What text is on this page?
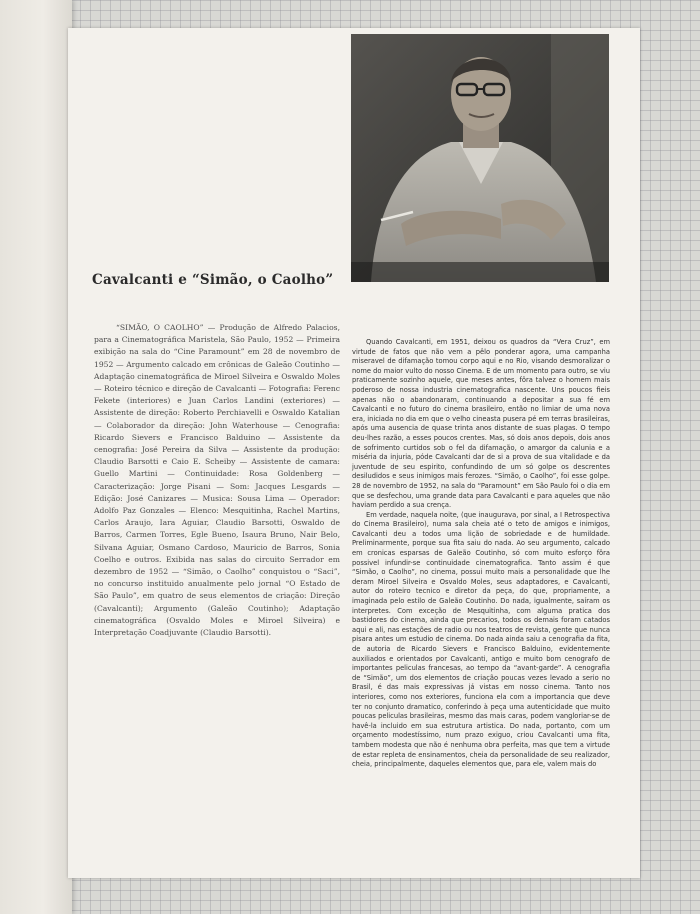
Cavalcanti e “Simão, o Caolho”
“SIMÃO, O CAOLHO” — Produção de Alfredo Palacios, para a Cinematográfica Maristela, São Paulo, 1952 — Primeira exibição na sala do “Cine Paramount” em 28 de novembro de 1952 — Argumento calcado em crônicas de Galeão Coutinho — Adaptação cinematográfica de Miroel Silveira e Oswaldo Moles — Roteiro técnico e direção de Cavalcanti — Fotografia: Ferenc Fekete (interiores) e Juan Carlos Landini (exteriores) — Assistente de direção: Roberto Perchiavelli e Oswaldo Katalian — Colaborador da direção: John Waterhouse — Cenografia: Ricardo Sievers e Francisco Balduino — Assistente da cenografia: José Pereira da Silva — Assistente da produção: Claudio Barsotti e Caio E. Scheiby — Assistente de camara: Guello Martini — Continuidade: Rosa Goldenberg — Caracterização: Jorge Pisani — Som: Jacques Lesgards — Edição: José Canizares — Musica: Sousa Lima — Operador: Adolfo Paz Gonzales — Elenco: Mesquitinha, Rachel Martins, Carlos Araujo, Iara Aguiar, Claudio Barsotti, Oswaldo de Barros, Carmen Torres, Egle Bueno, Isaura Bruno, Nair Belo, Silvana Aguiar, Osmano Cardoso, Mauricio de Barros, Sonia Coelho e outros. Exibida nas salas do circuito Serrador em dezembro de 1952 — “Simão, o Caolho” conquistou o “Saci”, no concurso instituido anualmente pelo jornal “O Estado de São Paulo”, em quatro de seus elementos de criação: Direção (Cavalcanti); Argumento (Galeão Coutinho); Adaptação cinematográfica (Osvaldo Moles e Miroel Silveira) e Interpretação Coadjuvante (Claudio Barsotti).

Quando Cavalcanti, em 1951, deixou os quadros da “Vera Cruz”, em virtude de fatos que não vem a pêlo ponderar agora, uma campanha miseravel de difamação tomou corpo aqui e no Rio, visando desmoralizar o nome do maior vulto do nosso Cinema. E de um momento para outro, se viu praticamente sozinho aquele, que meses antes, fôra talvez o homem mais poderoso de nossa industria cinematografica nascente. Uns poucos fieis apenas não o abandonaram, continuando a depositar a sua fé em Cavalcanti e no futuro do cinema brasileiro, então no limiar de uma nova era, iniciada no dia em que o velho cineasta pusera pé em terras brasileiras, após uma ausencia de quase trinta anos distante de suas plagas. O tempo deu-lhes razão, a esses poucos crentes. Mas, só dois anos depois, dois anos de sofrimento curtidos sob o fel da difamação, o amargor da calunia e a miséria da injuria, póde Cavalcanti dar de si a prova de sua vitalidade e da juventude de seu espirito, confundindo de um só golpe os descrentes desiludidos e seus inimigos mais ferozes. “Simão, o Caolho”, foi esse golpe. 28 de novembro de 1952, na sala do “Paramount” em São Paulo foi o dia em que se desfechou, uma grande data para Cavalcanti e para aqueles que não haviam perdido a sua crença.

Em verdade, naquela noite, (que inaugurava, por sinal, a I Retrospectiva do Cinema Brasileiro), numa sala cheia até o teto de amigos e inimigos, Cavalcanti deu a todos uma lição de sobriedade e de humildade. Preliminarmente, porque sua fita saiu do nada. Ao seu argumento, calcado em cronicas esparsas de Galeão Coutinho, só com muito esforço fôra possivel infundir-se continuidade cinematografica. Tanto assim é que “Simão, o Caolho”, no cinema, possui muito mais a personalidade que lhe deram Miroel Silveira e Osvaldo Moles, seus adaptadores, e Cavalcanti, autor do roteiro tecnico e diretor da peça, do que, propriamente, a imaginada pelo estilo de Galeão Coutinho. Do nada, igualmente, saíram os interpretes. Com exceção de Mesquitinha, com alguma pratica dos bastidores do cinema, ainda que precarios, todos os demais foram catados aqui e ali, nas estações de radio ou nos teatros de revista, gente que nunca pisara antes um estudio de cinema. Do nada ainda saiu a cenografia da fita, de autoria de Ricardo Sievers e Francisco Balduino, evidentemente auxiliados e orientados por Cavalcanti, antigo e muito bom cenografo de importantes peliculas francesas, ao tempo da “avant-garde”. A cenografia de “Simão”, um dos elementos de criação poucas vezes levado a serio no Brasil, é das mais expressivas já vistas em nosso cinema. Tanto nos interiores, como nos exteriores, funciona ela com a importancia que deve ter no conjunto dramatico, conferindo à peça uma autenticidade que muito poucas peliculas brasileiras, mesmo das mais caras, podem vangloriar-se de havê-la incluido em sua estrutura artistica. Do nada, portanto, com um orçamento modestíssimo, num prazo exiguo, criou Cavalcanti uma fita, tambem modesta que não é nenhuma obra perfeita, mas que tem a virtude de estar repleta de ensinamentos, cheia da personalidade de seu realizador, cheia, principalmente, daqueles elementos que, para ele, valem mais do
